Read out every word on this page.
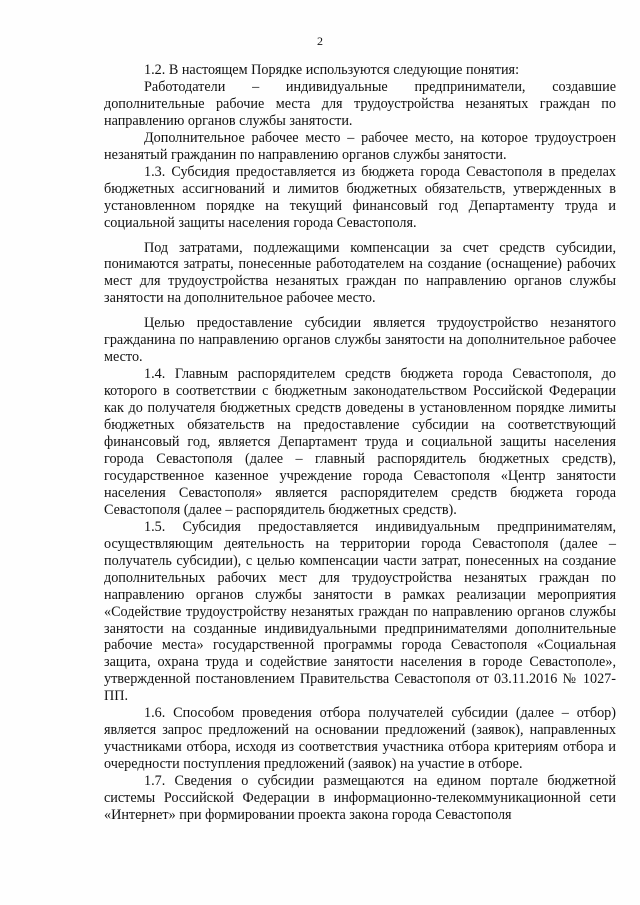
2

1.2. В настоящем Порядке используются следующие понятия:

Работодатели – индивидуальные предприниматели, создавшие дополнительные рабочие места для трудоустройства незанятых граждан по направлению органов службы занятости.

Дополнительное рабочее место – рабочее место, на которое трудоустроен незанятый гражданин по направлению органов службы занятости.

1.3. Субсидия предоставляется из бюджета города Севастополя в пределах бюджетных ассигнований и лимитов бюджетных обязательств, утвержденных в установленном порядке на текущий финансовый год Департаменту труда и социальной защиты населения города Севастополя.

Под затратами, подлежащими компенсации за счет средств субсидии, понимаются затраты, понесенные работодателем на создание (оснащение) рабочих мест для трудоустройства незанятых граждан по направлению органов службы занятости на дополнительное рабочее место.

Целью предоставление субсидии является трудоустройство незанятого гражданина по направлению органов службы занятости на дополнительное рабочее место.

1.4. Главным распорядителем средств бюджета города Севастополя, до которого в соответствии с бюджетным законодательством Российской Федерации как до получателя бюджетных средств доведены в установленном порядке лимиты бюджетных обязательств на предоставление субсидии на соответствующий финансовый год, является Департамент труда и социальной защиты населения города Севастополя (далее – главный распорядитель бюджетных средств), государственное казенное учреждение города Севастополя «Центр занятости населения Севастополя» является распорядителем средств бюджета города Севастополя (далее – распорядитель бюджетных средств).

1.5. Субсидия предоставляется индивидуальным предпринимателям, осуществляющим деятельность на территории города Севастополя (далее – получатель субсидии), с целью компенсации части затрат, понесенных на создание дополнительных рабочих мест для трудоустройства незанятых граждан по направлению органов службы занятости в рамках реализации мероприятия «Содействие трудоустройству незанятых граждан по направлению органов службы занятости на созданные индивидуальными предпринимателями дополнительные рабочие места» государственной программы города Севастополя «Социальная защита, охрана труда и содействие занятости населения в городе Севастополе», утвержденной постановлением Правительства Севастополя от 03.11.2016 № 1027-ПП.

1.6. Способом проведения отбора получателей субсидии (далее – отбор) является запрос предложений на основании предложений (заявок), направленных участниками отбора, исходя из соответствия участника отбора критериям отбора и очередности поступления предложений (заявок) на участие в отборе.

1.7. Сведения о субсидии размещаются на едином портале бюджетной системы Российской Федерации в информационно-телекоммуникационной сети «Интернет» при формировании проекта закона города Севастополя
